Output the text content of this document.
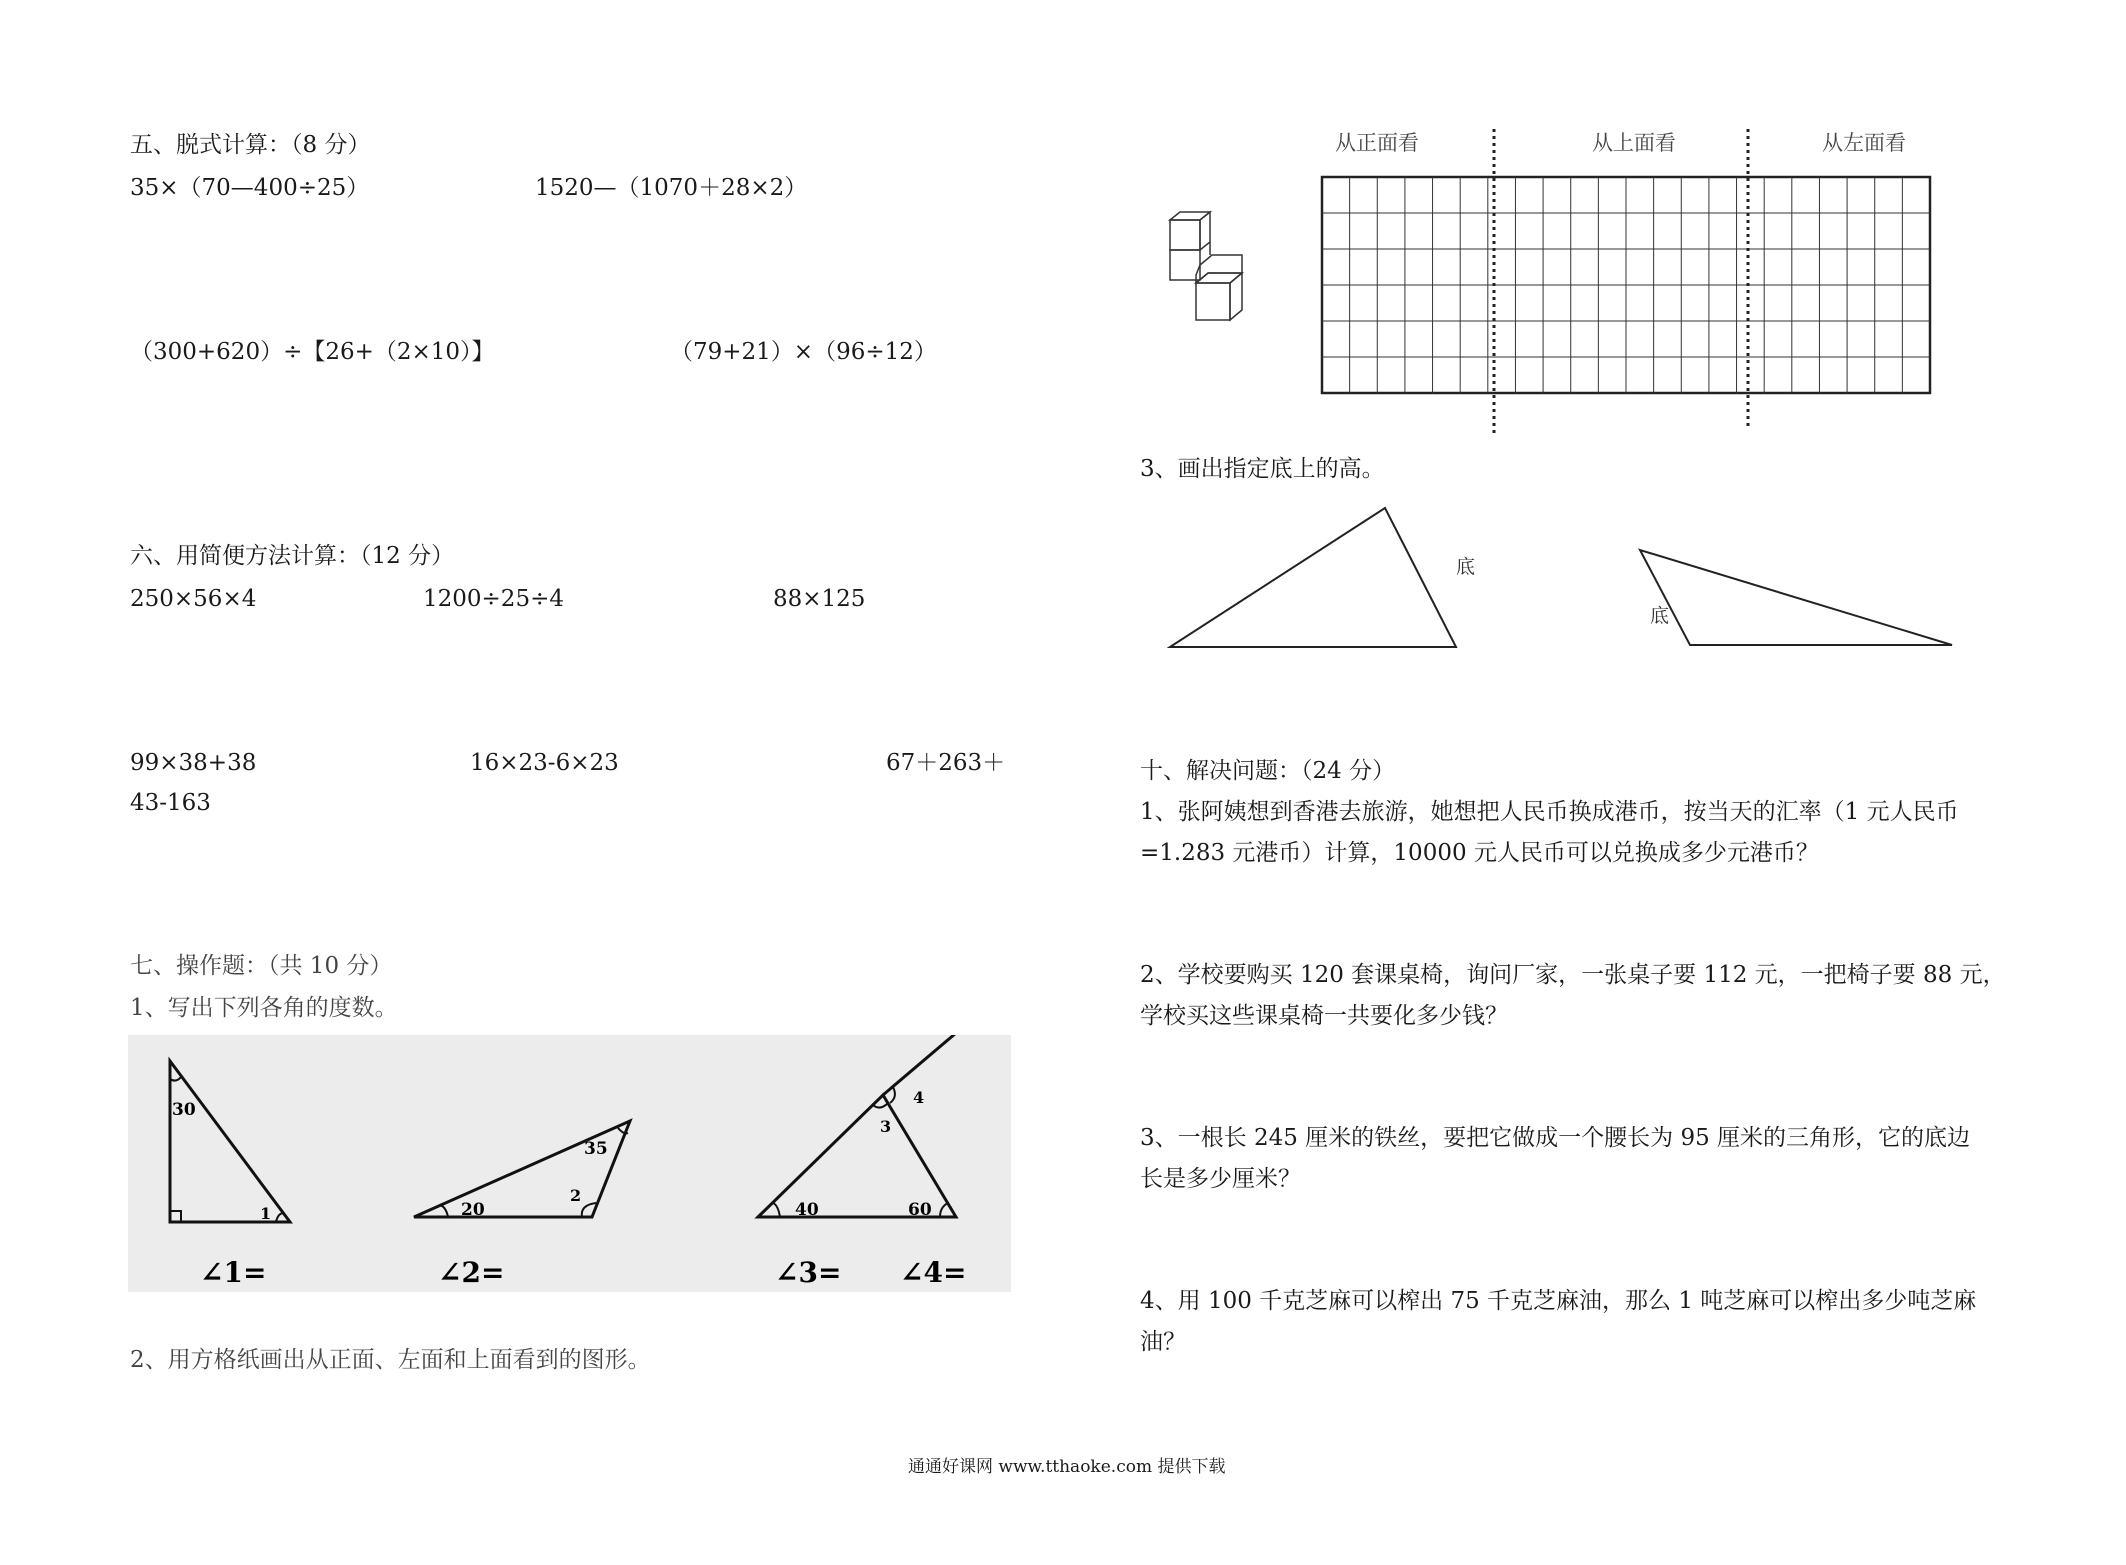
五、脱式计算：（8 分）
35×（70—400÷25）	1520—（1070＋28×2）
（300+620）÷【26+（2×10）】	（79+21）×（96÷12）
六、用简便方法计算：（12 分）
250×56×4	1200÷25÷4	88×125
99×38+38	16×23-6×23	67＋263＋
43-163
七、操作题：（共 10 分）
1、写出下列各角的度数。
30
1
∠1=
20
35
2
∠2=
40	60
3
4
∠3= ∠4=
2、用方格纸画出从正面、左面和上面看到的图形。
从正面看	从上面看	从左面看
3、画出指定底上的高。
底
底
十、解决问题：（24 分）
1、张阿姨想到香港去旅游，她想把人民币换成港币，按当天的汇率（1 元人民币
=1.283 元港币）计算，10000 元人民币可以兑换成多少元港币？
2、学校要购买 120 套课桌椅，询问厂家，一张桌子要 112 元，一把椅子要 88 元，
学校买这些课桌椅一共要化多少钱？
3、一根长 245 厘米的铁丝，要把它做成一个腰长为 95 厘米的三角形，它的底边
长是多少厘米？
4、用 100 千克芝麻可以榨出 75 千克芝麻油，那么 1 吨芝麻可以榨出多少吨芝麻
油？
通通好课网 www.tthaoke.com 提供下载
